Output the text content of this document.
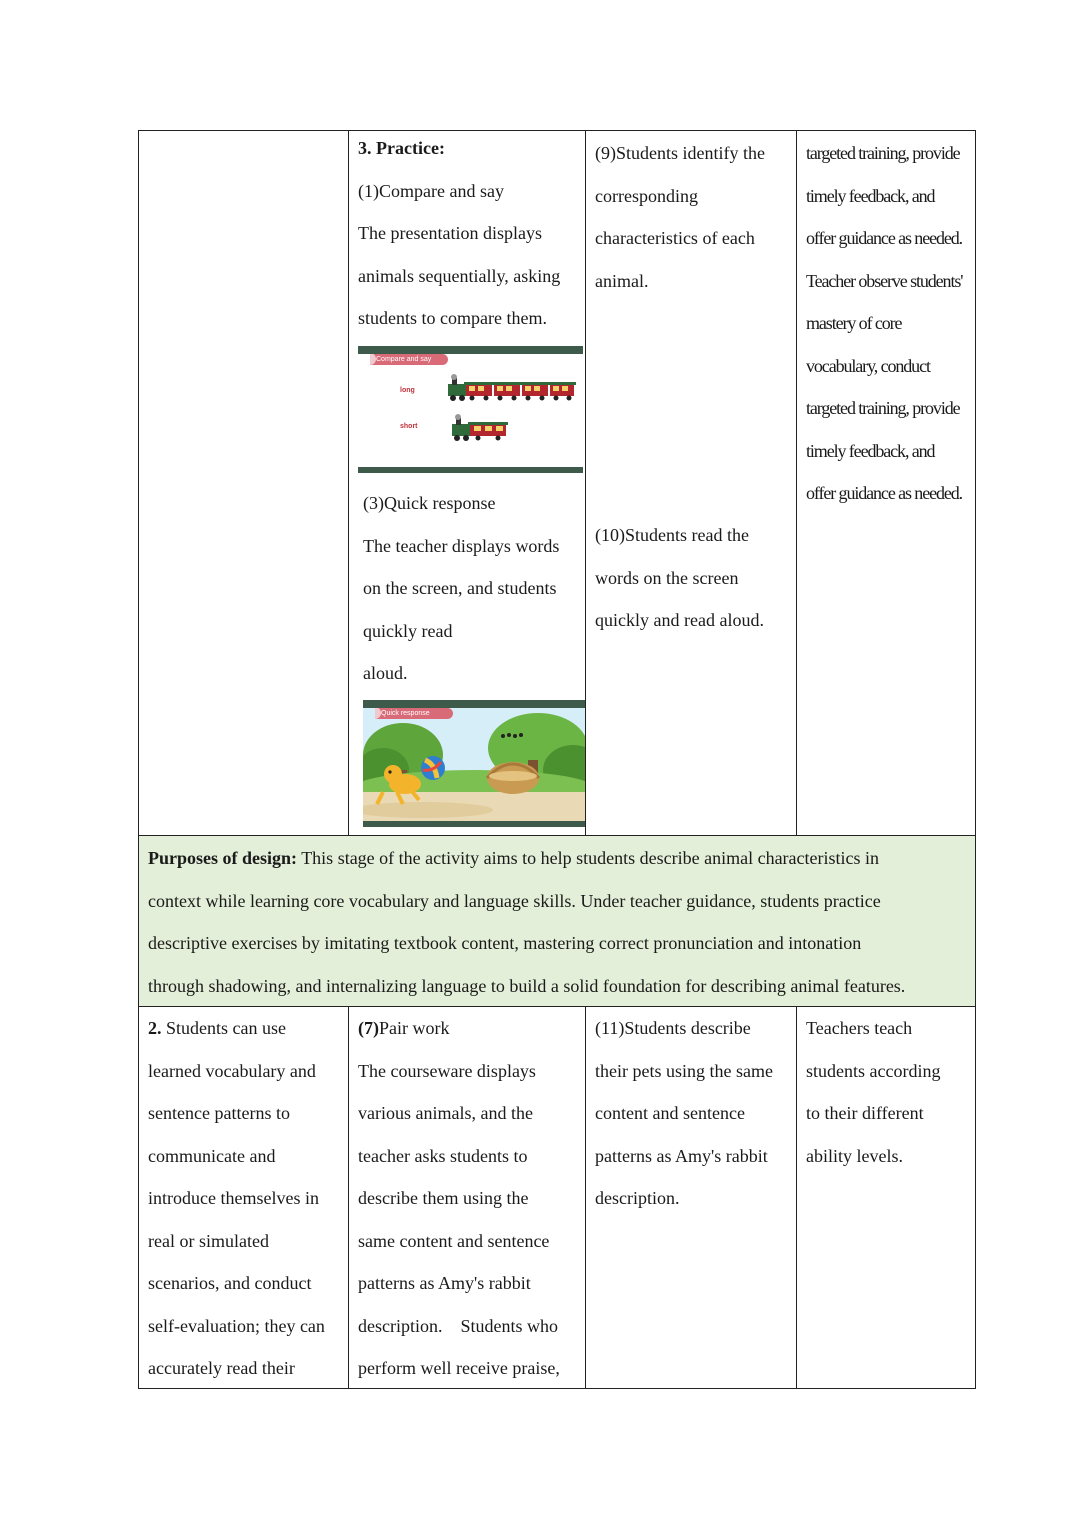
3. Practice:

(1)Compare and say

The presentation displays

animals sequentially, asking

students to compare them.

Compare and say
long
short

(3)Quick response

The teacher displays words

on the screen, and students

quickly read

aloud.

Quick response

(9)Students identify the

corresponding

characteristics of each

animal.

(10)Students read the

words on the screen

quickly and read aloud.

targeted training, provide

timely feedback, and

offer guidance as needed.

Teacher observe students'

mastery of core

vocabulary, conduct

targeted training, provide

timely feedback, and

offer guidance as needed.

Purposes of design: This stage of the activity aims to help students describe animal characteristics in

context while learning core vocabulary and language skills. Under teacher guidance, students practice

descriptive exercises by imitating textbook content, mastering correct pronunciation and intonation

through shadowing, and internalizing language to build a solid foundation for describing animal features.

2. Students can use

learned vocabulary and

sentence patterns to

communicate and

introduce themselves in

real or simulated

scenarios, and conduct

self-evaluation; they can

accurately read their

(7)Pair work

The courseware displays

various animals, and the

teacher asks students to

describe them using the

same content and sentence

patterns as Amy's rabbit

description.    Students who

perform well receive praise,

(11)Students describe

their pets using the same

content and sentence

patterns as Amy's rabbit

description.

Teachers teach

students according

to their different

ability levels.
